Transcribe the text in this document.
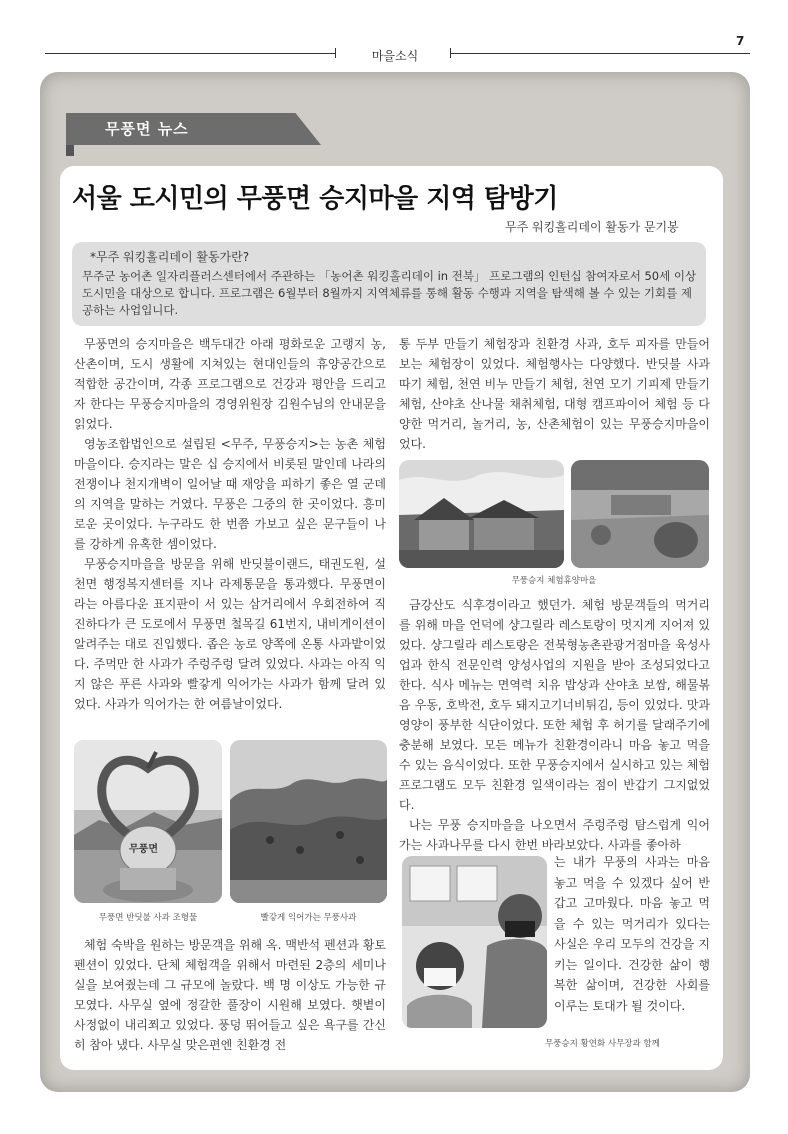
7
마을소식
무풍면 뉴스
서울 도시민의 무풍면 승지마을 지역 탐방기
무주 워킹홀리데이 활동가 문기봉
*무주 워킹홀리데이 활동가란?
무주군 농어촌 일자리플러스센터에서 주관하는 「농어촌 워킹홀리데이 in 전북」 프로그램의 인턴십 참여자로서 50세 이상 도시민을 대상으로 합니다. 프로그램은 6월부터 8월까지 지역체류를 통해 활동 수행과 지역을 탐색해 볼 수 있는 기회를 제공하는 사업입니다.

무풍면의 승지마을은 백두대간 아래 평화로운 고랭지 농, 산촌이며, 도시 생활에 지쳐있는 현대인들의 휴양공간으로 적합한 공간이며, 각종 프로그램으로 건강과 평안을 드리고자 한다는 무풍승지마을의 경영위원장 김원수님의 안내문을 읽었다.

영농조합법인으로 설립된 <무주, 무풍승지>는 농촌 체험 마을이다. 승지라는 말은 십 승지에서 비롯된 말인데 나라의 전쟁이나 천지개벽이 일어날 때 재앙을 피하기 좋은 열 군데의 지역을 말하는 거였다. 무풍은 그중의 한 곳이었다. 흥미로운 곳이었다. 누구라도 한 번쯤 가보고 싶은 문구들이 나를 강하게 유혹한 셈이었다.

무풍승지마을을 방문을 위해 반딧불이랜드, 태권도원, 설천면 행정복지센터를 지나 라제통문을 통과했다. 무풍면이라는 아름다운 표지판이 서 있는 삼거리에서 우회전하여 직진하다가 큰 도로에서 무풍면 철목길 61번지, 내비게이션이 알려주는 대로 진입했다. 좁은 농로 양쪽에 온통 사과밭이었다. 주먹만 한 사과가 주렁주렁 달려 있었다. 사과는 아직 익지 않은 푸른 사과와 빨갛게 익어가는 사과가 함께 달려 있었다. 사과가 익어가는 한 여름날이었다.

무풍면
무풍면 반딧불 사과 조형물	빨갛게 익어가는 무풍사과

체험 숙박을 원하는 방문객을 위해 옥. 맥반석 펜션과 황토펜션이 있었다. 단체 체험객을 위해서 마련된 2층의 세미나실을 보여줬는데 그 규모에 놀랐다. 백 명 이상도 가능한 규모였다. 사무실 옆에 정갈한 풀장이 시원해 보였다. 햇볕이 사정없이 내리쬐고 있었다. 풍덩 뛰어들고 싶은 욕구를 간신히 참아 냈다. 사무실 맞은편엔 친환경 전

통 두부 만들기 체험장과 친환경 사과, 호두 피자를 만들어보는 체험장이 있었다. 체험행사는 다양했다. 반딧불 사과 따기 체험, 천연 비누 만들기 체험, 천연 모기 기피제 만들기 체험, 산야초 산나물 채취체험, 대형 캠프파이어 체험 등 다양한 먹거리, 놀거리, 농, 산촌체험이 있는 무풍승지마을이었다.

무풍승지 체험휴양마을

금강산도 식후경이라고 했던가. 체험 방문객들의 먹거리를 위해 마을 언덕에 샹그릴라 레스토랑이 멋지게 지어져 있었다. 샹그릴라 레스토랑은 전북형농촌관광거점마을 육성사업과 한식 전문인력 양성사업의 지원을 받아 조성되었다고 한다. 식사 메뉴는 면역력 치유 밥상과 산야초 보쌈, 해물볶음 우동, 호박전, 호두 돼지고기너비튀김, 등이 있었다. 맛과 영양이 풍부한 식단이었다. 또한 체험 후 허기를 달래주기에 충분해 보였다. 모든 메뉴가 친환경이라니 마음 놓고 먹을 수 있는 음식이었다. 또한 무풍승지에서 실시하고 있는 체험프로그램도 모두 친환경 일색이라는 점이 반갑기 그지없었다.

나는 무풍 승지마을을 나오면서 주렁주렁 탐스럽게 익어가는 사과나무를 다시 한번 바라보았다. 사과를 좋아하

는 내가 무풍의 사과는 마음 놓고 먹을 수 있겠다 싶어 반갑고 고마웠다. 마음 놓고 먹을 수 있는 먹거리가 있다는 사실은 우리 모두의 건강을 지키는 일이다. 건강한 삶이 행복한 삶이며, 건강한 사회를 이루는 토대가 될 것이다.
무풍승지 황연화 사무장과 함께
